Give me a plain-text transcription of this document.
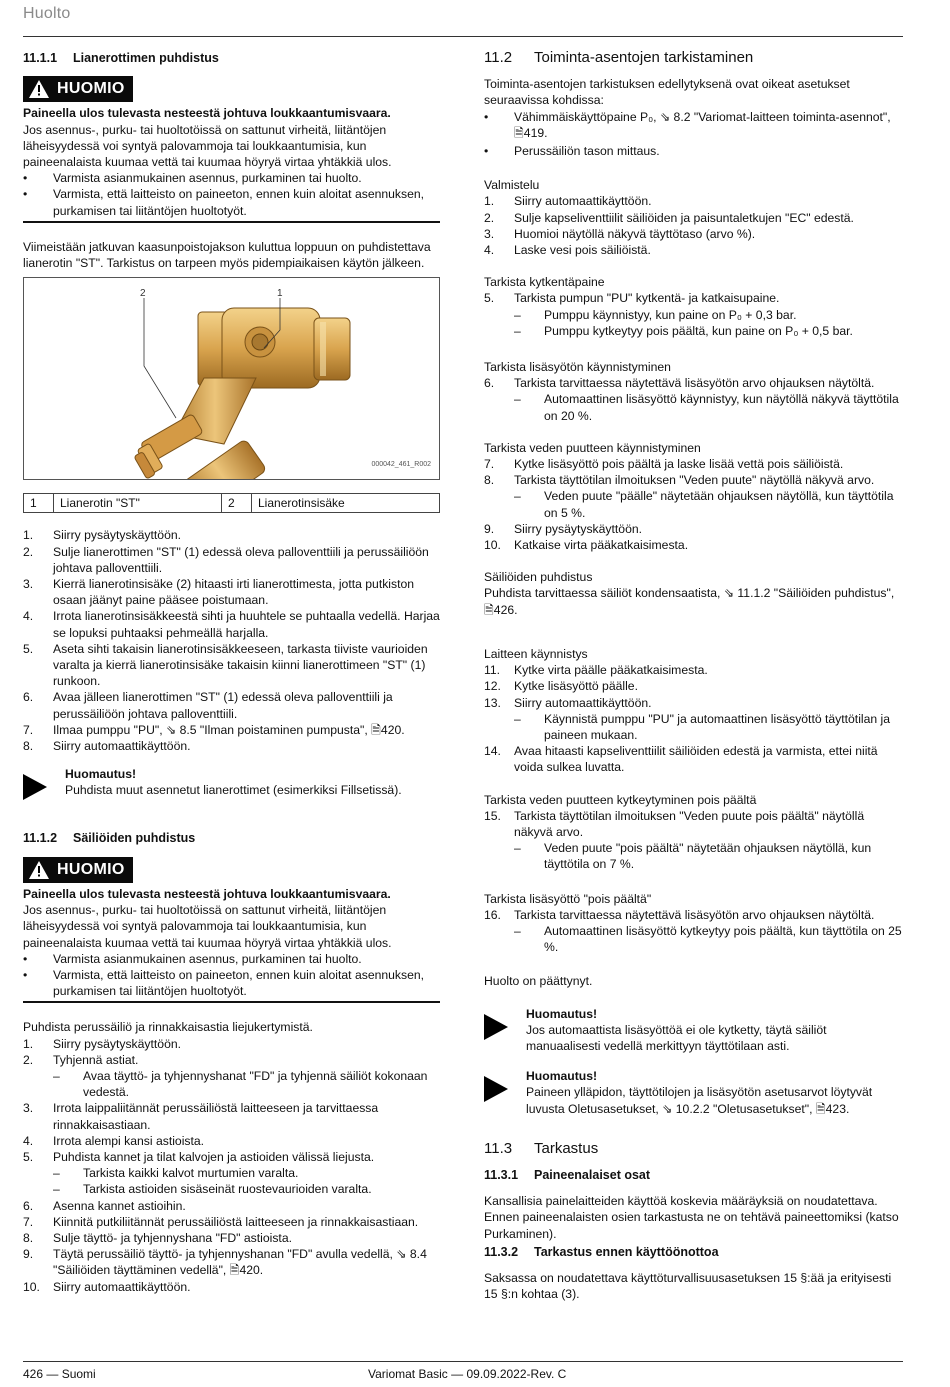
Huolto
11.1.1	Lianerottimen puhdistus
HUOMIO

Paineella ulos tulevasta nesteestä johtuva loukkaantumisvaara.

Jos asennus-, purku- tai huoltotöissä on sattunut virheitä, liitäntöjen läheisyydessä voi syntyä palovammoja tai loukkaantumisia, kun paineenalaista kuumaa vettä tai kuumaa höyryä virtaa yhtäkkiä ulos.

•	Varmista asianmukainen asennus, purkaminen tai huolto.
•	Varmista, että laitteisto on paineeton, ennen kuin aloitat asennuksen, purkamisen tai liitäntöjen huoltotyöt.

Viimeistään jatkuvan kaasunpoistojakson kuluttua loppuun on puhdistettava lianerotin "ST". Tarkistus on tarpeen myös pidempiaikaisen käytön jälkeen.

2	1
000042_461_R002
1	Lianerotin "ST"	2	Lianerotinsisäke
1.	Siirry pysäytyskäyttöön.
2.	Sulje lianerottimen "ST" (1) edessä oleva palloventtiili ja perussäiliöön johtava palloventtiili.
3.	Kierrä lianerotinsisäke (2) hitaasti irti lianerottimesta, jotta putkiston osaan jäänyt paine pääsee poistumaan.
4.	Irrota lianerotinsisäkkeestä sihti ja huuhtele se puhtaalla vedellä. Harjaa se lopuksi puhtaaksi pehmeällä harjalla.
5.	Aseta sihti takaisin lianerotinsisäkkeeseen, tarkasta tiiviste vaurioiden varalta ja kierrä lianerotinsisäke takaisin kiinni lianerottimeen "ST" (1) runkoon.
6.	Avaa jälleen lianerottimen "ST" (1) edessä oleva palloventtiili ja perussäiliöön johtava palloventtiili.
7.	Ilmaa pumppu "PU", ⇘ 8.5 "Ilman poistaminen pumpusta", 🗎420.
8.	Siirry automaattikäyttöön.

Huomautus!

Puhdista muut asennetut lianerottimet (esimerkiksi Fillsetissä).

11.1.2	Säiliöiden puhdistus
HUOMIO

Paineella ulos tulevasta nesteestä johtuva loukkaantumisvaara.

Jos asennus-, purku- tai huoltotöissä on sattunut virheitä, liitäntöjen läheisyydessä voi syntyä palovammoja tai loukkaantumisia, kun paineenalaista kuumaa vettä tai kuumaa höyryä virtaa yhtäkkiä ulos.

•	Varmista asianmukainen asennus, purkaminen tai huolto.
•	Varmista, että laitteisto on paineeton, ennen kuin aloitat asennuksen, purkamisen tai liitäntöjen huoltotyöt.

Puhdista perussäiliö ja rinnakkaisastia liejukertymistä.

1.	Siirry pysäytyskäyttöön.
2.	Tyhjennä astiat.
–	Avaa täyttö- ja tyhjennyshanat "FD" ja tyhjennä säiliöt kokonaan vedestä.
3.	Irrota laippaliitännät perussäiliöstä laitteeseen ja tarvittaessa rinnakkaisastiaan.
4.	Irrota alempi kansi astioista.
5.	Puhdista kannet ja tilat kalvojen ja astioiden välissä liejusta.
–	Tarkista kaikki kalvot murtumien varalta.
–	Tarkista astioiden sisäseinät ruostevaurioiden varalta.
6.	Asenna kannet astioihin.
7.	Kiinnitä putkiliitännät perussäiliöstä laitteeseen ja rinnakkaisastiaan.
8.	Sulje täyttö- ja tyhjennyshana "FD" astioista.
9.	Täytä perussäiliö täyttö- ja tyhjennyshanan "FD" avulla vedellä, ⇘ 8.4 "Säiliöiden täyttäminen vedellä", 🗎420.
10.	Siirry automaattikäyttöön.
11.2	Toiminta-asentojen tarkistaminen

Toiminta-asentojen tarkistuksen edellytyksenä ovat oikeat asetukset seuraavissa kohdissa:

•	Vähimmäiskäyttöpaine P₀, ⇘ 8.2 "Variomat-laitteen toiminta-asennot", 🗎419.
•	Perussäiliön tason mittaus.

Valmistelu

1.	Siirry automaattikäyttöön.
2.	Sulje kapseliventtiilit säiliöiden ja paisuntaletkujen "EC" edestä.
3.	Huomioi näytöllä näkyvä täyttötaso (arvo %).
4.	Laske vesi pois säiliöistä.

Tarkista kytkentäpaine

5.	Tarkista pumpun "PU" kytkentä- ja katkaisupaine.
–	Pumppu käynnistyy, kun paine on P₀ + 0,3 bar.
–	Pumppu kytkeytyy pois päältä, kun paine on P₀ + 0,5 bar.

Tarkista lisäsyötön käynnistyminen

6.	Tarkista tarvittaessa näytettävä lisäsyötön arvo ohjauksen näytöltä.
–	Automaattinen lisäsyöttö käynnistyy, kun näytöllä näkyvä täyttötila on 20 %.

Tarkista veden puutteen käynnistyminen

7.	Kytke lisäsyöttö pois päältä ja laske lisää vettä pois säiliöistä.
8.	Tarkista täyttötilan ilmoituksen "Veden puute" näytöllä näkyvä arvo.
–	Veden puute "päälle" näytetään ohjauksen näytöllä, kun täyttötila on 5 %.
9.	Siirry pysäytyskäyttöön.
10.	Katkaise virta pääkatkaisimesta.

Säiliöiden puhdistus

Puhdista tarvittaessa säiliöt kondensaatista, ⇘ 11.1.2 "Säiliöiden puhdistus", 🗎426.

Laitteen käynnistys

11.	Kytke virta päälle pääkatkaisimesta.
12.	Kytke lisäsyöttö päälle.
13.	Siirry automaattikäyttöön.
–	Käynnistä pumppu "PU" ja automaattinen lisäsyöttö täyttötilan ja paineen mukaan.
14.	Avaa hitaasti kapseliventtiilit säiliöiden edestä ja varmista, ettei niitä voida sulkea luvatta.

Tarkista veden puutteen kytkeytyminen pois päältä

15.	Tarkista täyttötilan ilmoituksen "Veden puute pois päältä" näytöllä näkyvä arvo.
–	Veden puute "pois päältä" näytetään ohjauksen näytöllä, kun täyttötila on 7 %.

Tarkista lisäsyöttö "pois päältä"

16.	Tarkista tarvittaessa näytettävä lisäsyötön arvo ohjauksen näytöltä.
–	Automaattinen lisäsyöttö kytkeytyy pois päältä, kun täyttötila on 25 %.

Huolto on päättynyt.

Huomautus!

Jos automaattista lisäsyöttöä ei ole kytketty, täytä säiliöt manuaalisesti vedellä merkittyyn täyttötilaan asti.

Huomautus!

Paineen ylläpidon, täyttötilojen ja lisäsyötön asetusarvot löytyvät luvusta Oletusasetukset, ⇘ 10.2.2 "Oletusasetukset", 🗎423.

11.3	Tarkastus
11.3.1	Paineenalaiset osat

Kansallisia painelaitteiden käyttöä koskevia määräyksiä on noudatettava. Ennen paineenalaisten osien tarkastusta ne on tehtävä paineettomiksi (katso Purkaminen).

11.3.2	Tarkastus ennen käyttöönottoa

Saksassa on noudatettava käyttöturvallisuusasetuksen 15 §:ää ja erityisesti 15 §:n kohtaa (3).

426 — Suomi	Variomat Basic — 09.09.2022-Rev. C
